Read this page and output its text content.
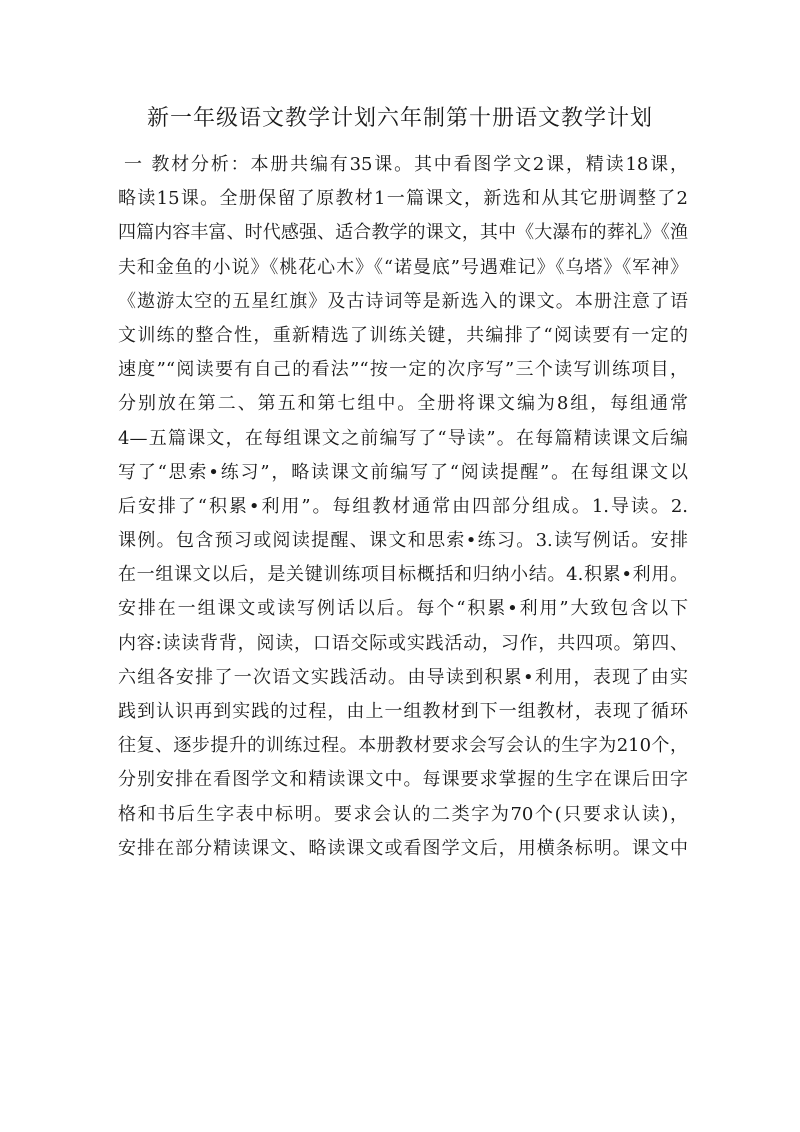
新一年级语文教学计划六年制第十册语文教学计划
一 教材分析：本册共编有35课。其中看图学文2课，精读18课，
略读15课。全册保留了原教材1一篇课文，新选和从其它册调整了2
四篇内容丰富、时代感强、适合教学的课文，其中《大瀑布的葬礼》《渔
夫和金鱼的小说》《桃花心木》《“诺曼底”号遇难记》《乌塔》《军神》
《遨游太空的五星红旗》及古诗词等是新选入的课文。本册注意了语
文训练的整合性，重新精选了训练关键，共编排了“阅读要有一定的
速度”“阅读要有自己的看法”“按一定的次序写”三个读写训练项目，
分别放在第二、第五和第七组中。全册将课文编为8组，每组通常
4—五篇课文，在每组课文之前编写了“导读”。在每篇精读课文后编
写了“思索•练习”，略读课文前编写了“阅读提醒”。在每组课文以
后安排了“积累•利用”。每组教材通常由四部分组成。1.导读。2.
课例。包含预习或阅读提醒、课文和思索•练习。3.读写例话。安排
在一组课文以后，是关键训练项目标概括和归纳小结。4.积累•利用。
安排在一组课文或读写例话以后。每个“积累•利用”大致包含以下
内容:读读背背，阅读，口语交际或实践活动，习作，共四项。第四、
六组各安排了一次语文实践活动。由导读到积累•利用，表现了由实
践到认识再到实践的过程，由上一组教材到下一组教材，表现了循环
往复、逐步提升的训练过程。本册教材要求会写会认的生字为210个，
分别安排在看图学文和精读课文中。每课要求掌握的生字在课后田字
格和书后生字表中标明。要求会认的二类字为70个(只要求认读)，
安排在部分精读课文、略读课文或看图学文后，用横条标明。课文中
